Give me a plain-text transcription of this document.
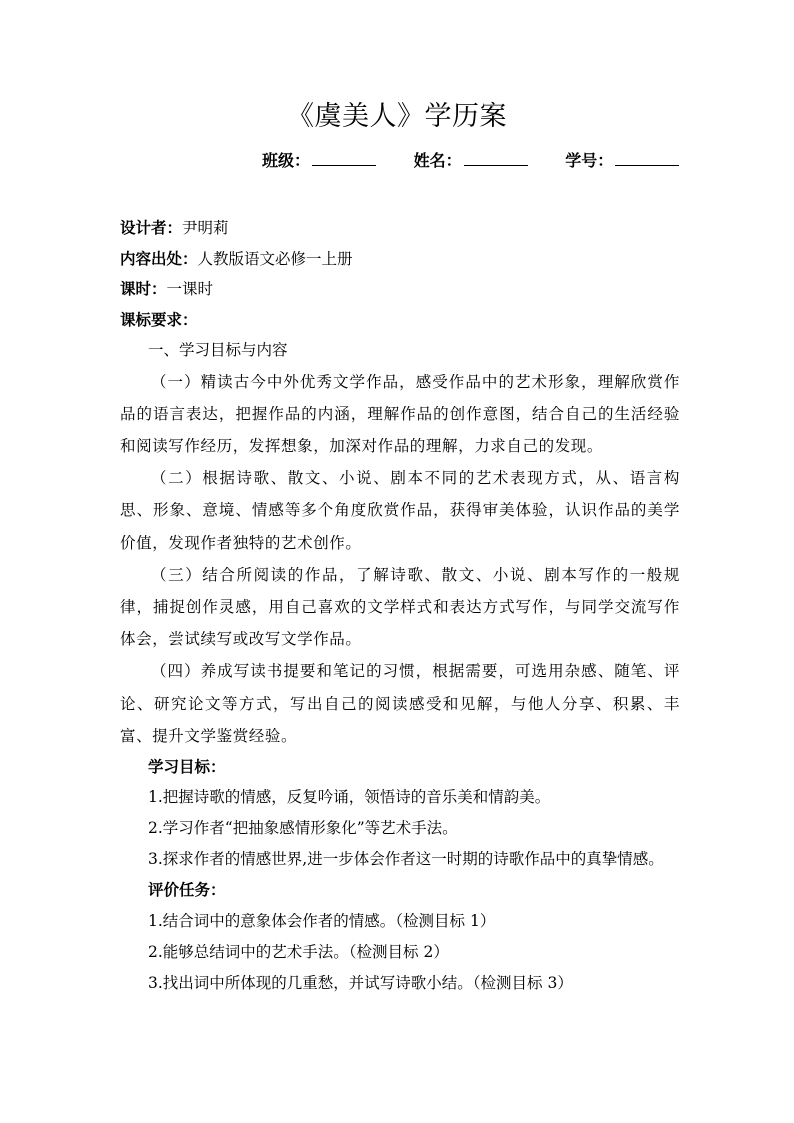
《虞美人》学历案
班级：	姓名：	学号：
设计者：尹明莉
内容出处：人教版语文必修一上册
课时：一课时
课标要求：
一、学习目标与内容
（一）精读古今中外优秀文学作品，感受作品中的艺术形象，理解欣赏作品的语言表达，把握作品的内涵，理解作品的创作意图，结合自己的生活经验和阅读写作经历，发挥想象，加深对作品的理解，力求自己的发现。
（二）根据诗歌、散文、小说、剧本不同的艺术表现方式，从、语言构思、形象、意境、情感等多个角度欣赏作品，获得审美体验，认识作品的美学价值，发现作者独特的艺术创作。
（三）结合所阅读的作品，了解诗歌、散文、小说、剧本写作的一般规律，捕捉创作灵感，用自己喜欢的文学样式和表达方式写作，与同学交流写作体会，尝试续写或改写文学作品。
（四）养成写读书提要和笔记的习惯，根据需要，可选用杂感、随笔、评论、研究论文等方式，写出自己的阅读感受和见解，与他人分享、积累、丰富、提升文学鉴赏经验。
学习目标：
1.把握诗歌的情感，反复吟诵，领悟诗的音乐美和情韵美。
2.学习作者“把抽象感情形象化”等艺术手法。
3.探求作者的情感世界,进一步体会作者这一时期的诗歌作品中的真挚情感。
评价任务：
1.结合词中的意象体会作者的情感。（检测目标 1）
2.能够总结词中的艺术手法。（检测目标 2）
3.找出词中所体现的几重愁，并试写诗歌小结。（检测目标 3）
